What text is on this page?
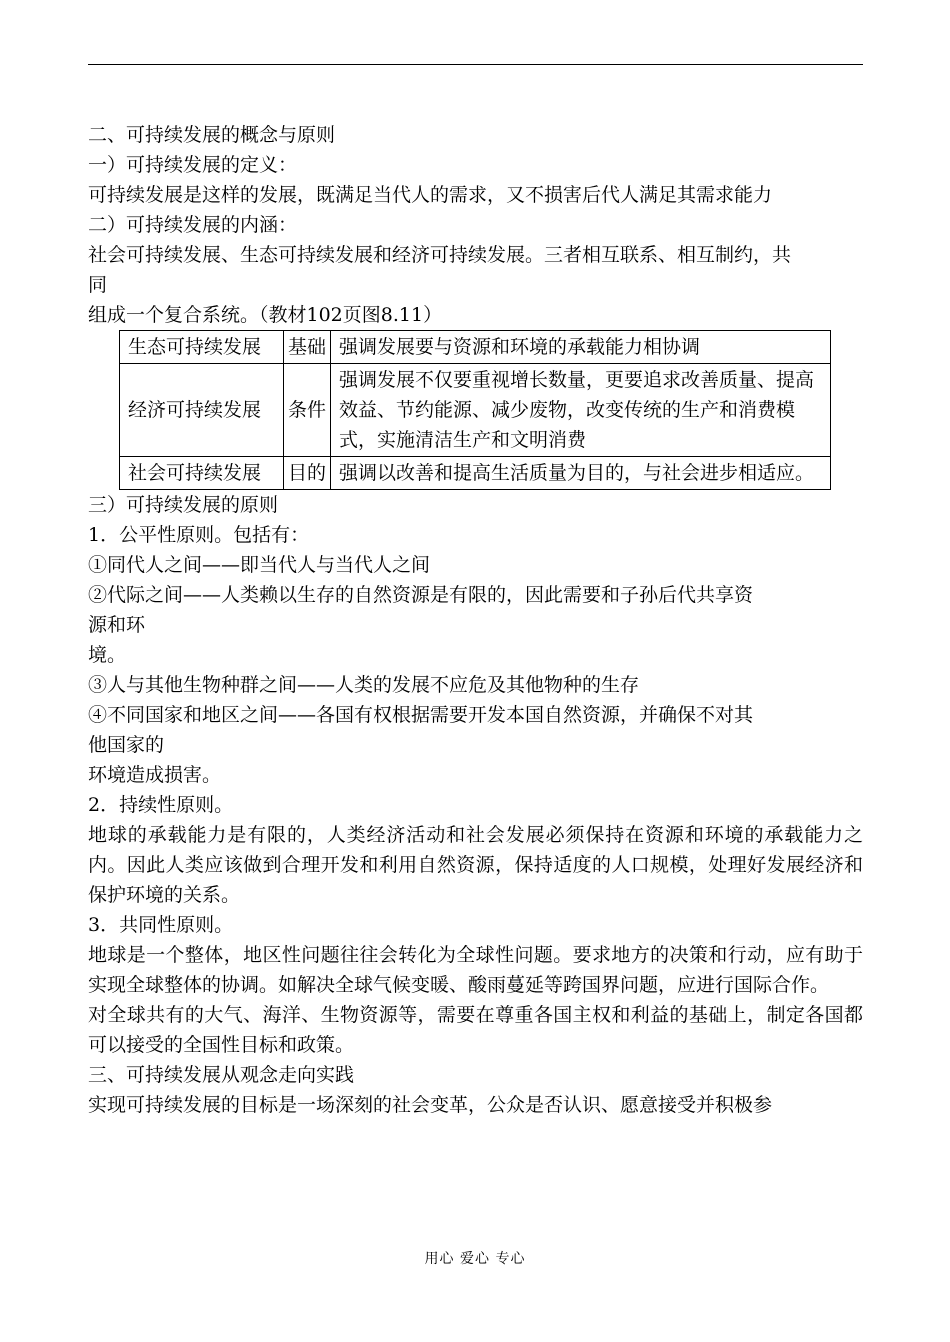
二、可持续发展的概念与原则
一）可持续发展的定义：
可持续发展是这样的发展，既满足当代人的需求，又不损害后代人满足其需求能力
二）可持续发展的内涵：
社会可持续发展、生态可持续发展和经济可持续发展。三者相互联系、相互制约，共
同
组成一个复合系统。（教材102页图8.11）
生态可持续发展	基础	强调发展要与资源和环境的承载能力相协调
经济可持续发展	条件	强调发展不仅要重视增长数量，更要追求改善质量、提高效益、节约能源、减少废物，改变传统的生产和消费模式，实施清洁生产和文明消费
社会可持续发展	目的	强调以改善和提高生活质量为目的，与社会进步相适应。
三）可持续发展的原则
1．公平性原则。包括有：
①同代人之间——即当代人与当代人之间
②代际之间——人类赖以生存的自然资源是有限的，因此需要和子孙后代共享资
源和环
境。
③人与其他生物种群之间——人类的发展不应危及其他物种的生存
④不同国家和地区之间——各国有权根据需要开发本国自然资源，并确保不对其
他国家的
环境造成损害。
2．持续性原则。
地球的承载能力是有限的，人类经济活动和社会发展必须保持在资源和环境的承载能力之内。因此人类应该做到合理开发和利用自然资源，保持适度的人口规模，处理好发展经济和保护环境的关系。
3．共同性原则。
地球是一个整体，地区性问题往往会转化为全球性问题。要求地方的决策和行动，应有助于实现全球整体的协调。如解决全球气候变暖、酸雨蔓延等跨国界问题，应进行国际合作。
对全球共有的大气、海洋、生物资源等，需要在尊重各国主权和利益的基础上，制定各国都可以接受的全国性目标和政策。
三、可持续发展从观念走向实践
实现可持续发展的目标是一场深刻的社会变革，公众是否认识、愿意接受并积极参
用心 爱心 专心
